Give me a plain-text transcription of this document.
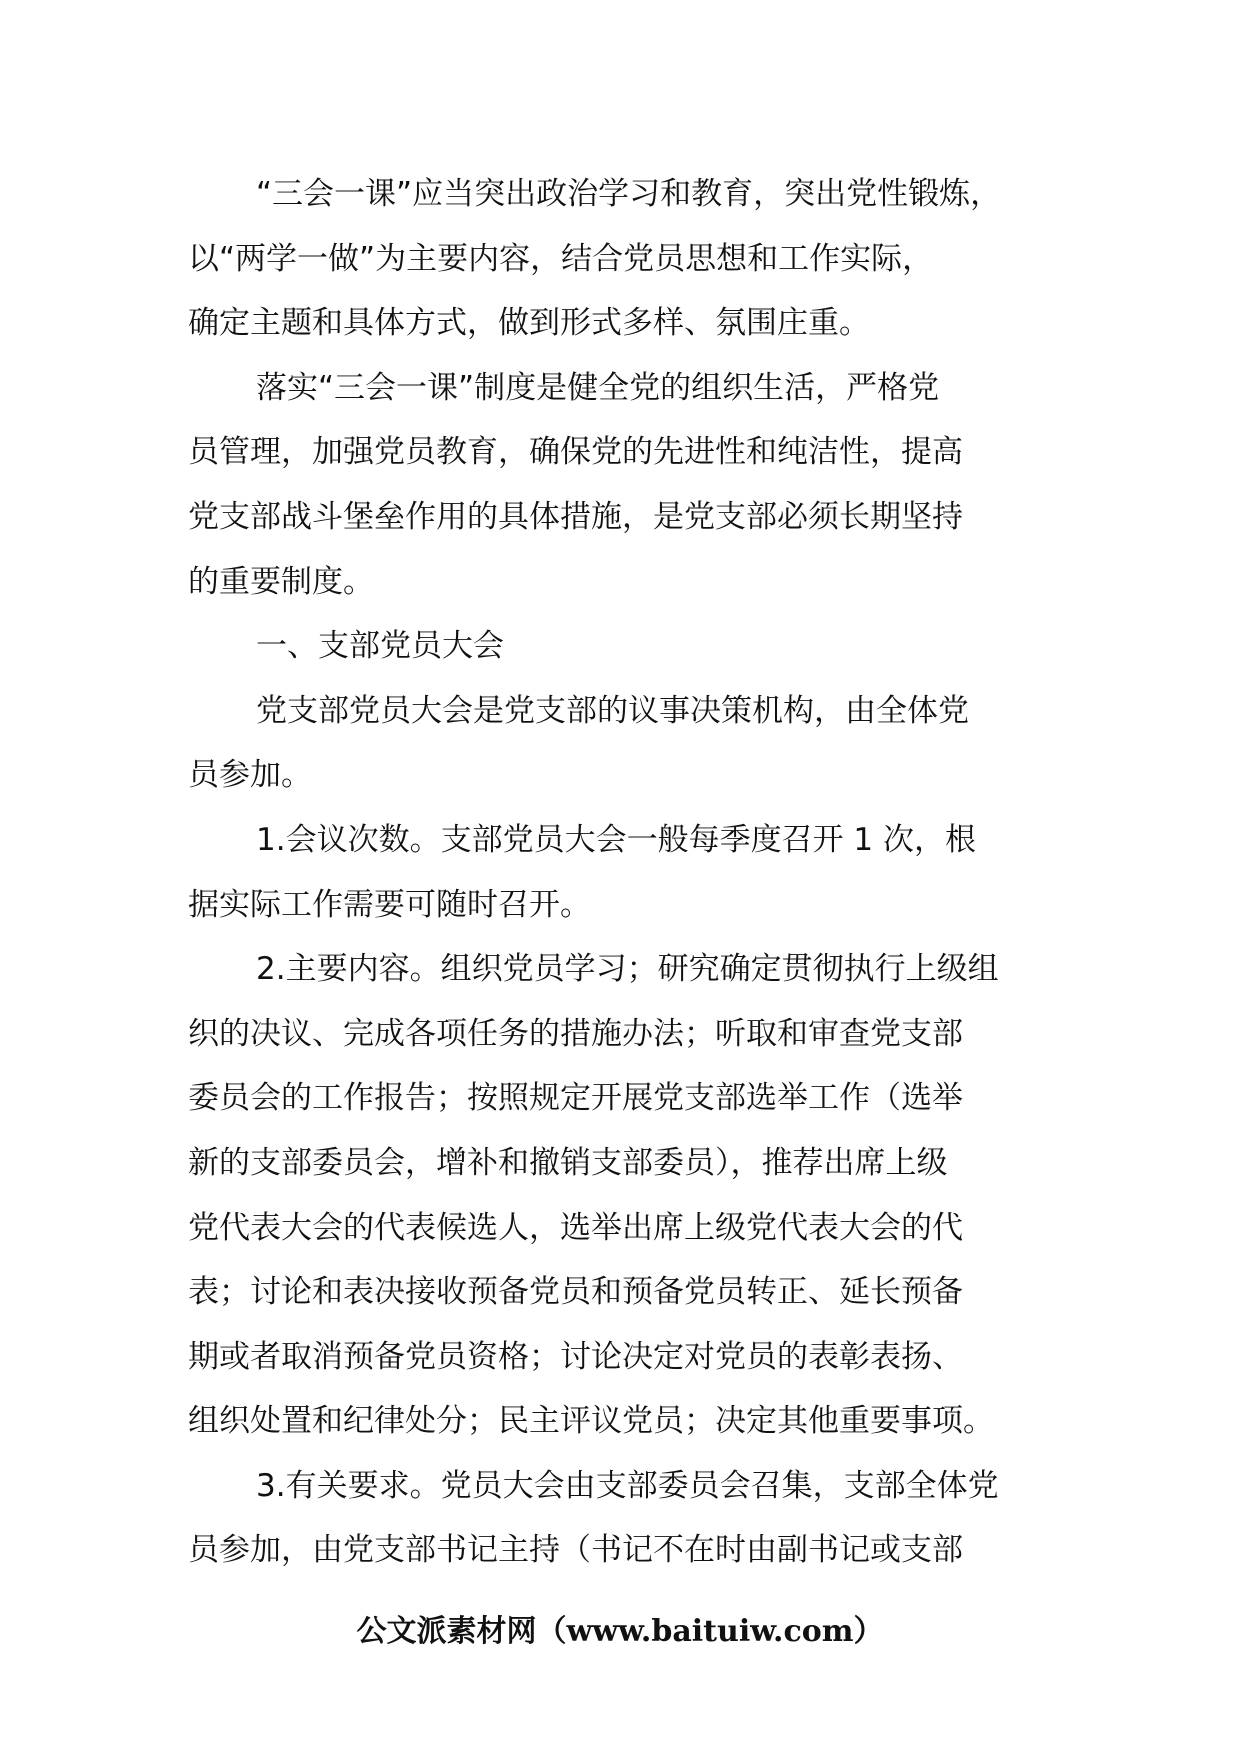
“三会一课”应当突出政治学习和教育，突出党性锻炼，
以“两学一做”为主要内容，结合党员思想和工作实际，
确定主题和具体方式，做到形式多样、氛围庄重。
落实“三会一课”制度是健全党的组织生活，严格党
员管理，加强党员教育，确保党的先进性和纯洁性，提高
党支部战斗堡垒作用的具体措施，是党支部必须长期坚持
的重要制度。
一、支部党员大会
党支部党员大会是党支部的议事决策机构，由全体党
员参加。
1.会议次数。支部党员大会一般每季度召开 1 次，根
据实际工作需要可随时召开。
2.主要内容。组织党员学习；研究确定贯彻执行上级组
织的决议、完成各项任务的措施办法；听取和审查党支部
委员会的工作报告；按照规定开展党支部选举工作（选举
新的支部委员会，增补和撤销支部委员），推荐出席上级
党代表大会的代表候选人，选举出席上级党代表大会的代
表；讨论和表决接收预备党员和预备党员转正、延长预备
期或者取消预备党员资格；讨论决定对党员的表彰表扬、
组织处置和纪律处分；民主评议党员；决定其他重要事项。
3.有关要求。党员大会由支部委员会召集，支部全体党
员参加，由党支部书记主持（书记不在时由副书记或支部
公文派素材网（www.baituiw.com）
